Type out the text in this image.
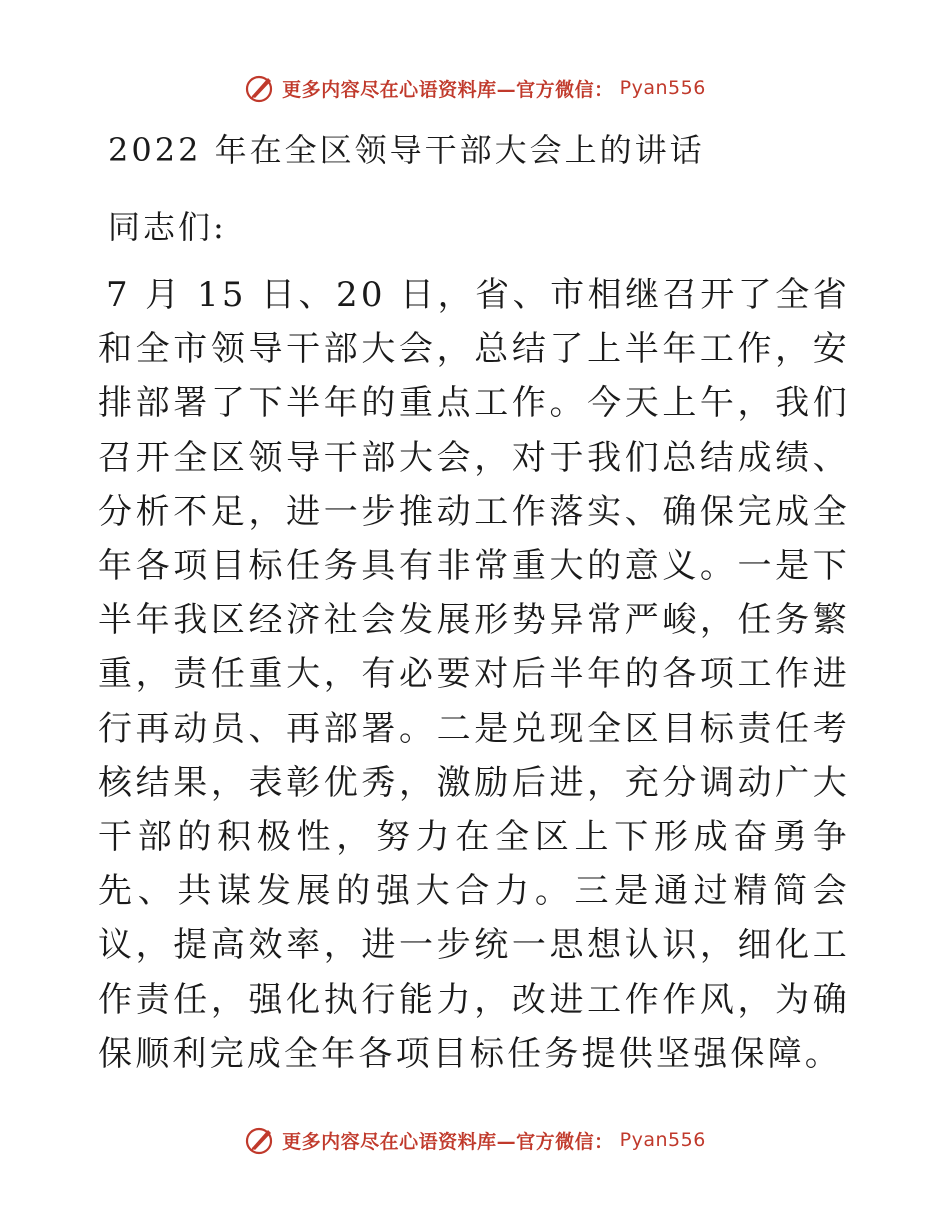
更多内容尽在心语资料库—官方微信： Pyan556
2022 年在全区领导干部大会上的讲话
同志们:

7 月 15 日、20 日，省、市相继召开了全省和全市领导干部大会，总结了上半年工作，安排部署了下半年的重点工作。今天上午，我们召开全区领导干部大会，对于我们总结成绩、分析不足，进一步推动工作落实、确保完成全年各项目标任务具有非常重大的意义。一是下半年我区经济社会发展形势异常严峻，任务繁重，责任重大，有必要对后半年的各项工作进行再动员、再部署。二是兑现全区目标责任考核结果，表彰优秀，激励后进，充分调动广大干部的积极性，努力在全区上下形成奋勇争先、共谋发展的强大合力。三是通过精简会议，提高效率，进一步统一思想认识，细化工作责任，强化执行能力，改进工作作风，为确保顺利完成全年各项目标任务提供坚强保障。

更多内容尽在心语资料库—官方微信： Pyan556
